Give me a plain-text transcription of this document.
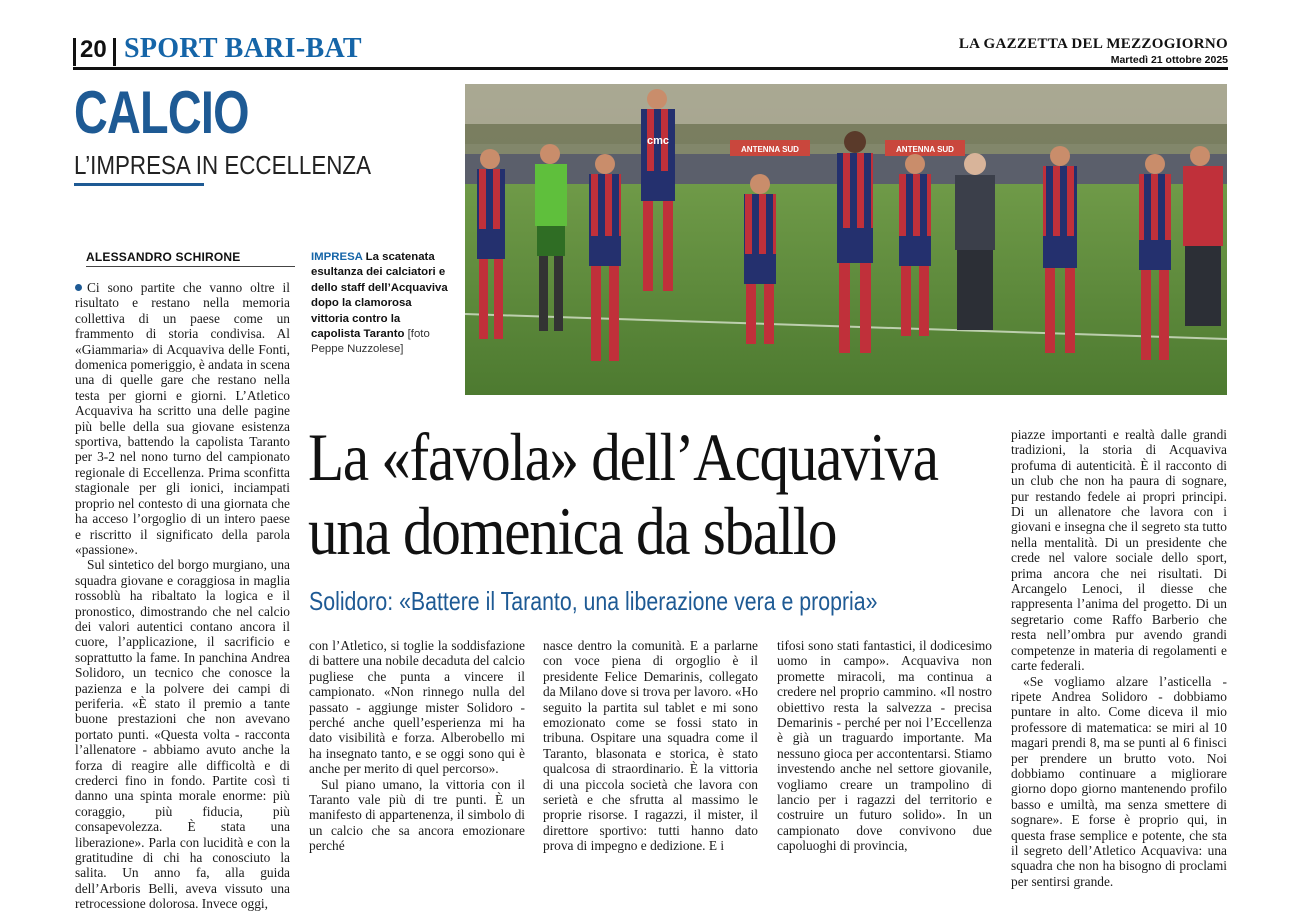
20 SPORT BARI-BAT	LA GAZZETTA DEL MEZZOGIORNO
Martedì 21 ottobre 2025
CALCIO
L’IMPRESA IN ECCELLENZA
ANTENNA SUD	ANTENNA SUD
cmc
IMPRESA La scatenata esultanza dei calciatori e dello staff dell’Acquaviva dopo la clamorosa vittoria contro la capolista Taranto [foto Peppe Nuzzolese]
ALESSANDRO SCHIRONE

Ci sono partite che vanno oltre il risultato e restano nella memoria collettiva di un paese come un frammento di storia condivisa. Al «Giammaria» di Acquaviva delle Fonti, domenica pomeriggio, è andata in scena una di quelle gare che restano nella testa per giorni e giorni. L’Atletico Acquaviva ha scritto una delle pagine più belle della sua giovane esistenza sportiva, battendo la capolista Taranto per 3-2 nel nono turno del campionato regionale di Eccellenza. Prima sconfitta stagionale per gli ionici, inciampati proprio nel contesto di una giornata che ha acceso l’orgoglio di un intero paese e riscritto il significato della parola «passione».

Sul sintetico del borgo murgiano, una squadra giovane e coraggiosa in maglia rossoblù ha ribaltato la logica e il pronostico, dimostrando che nel calcio dei valori autentici contano ancora il cuore, l’applicazione, il sacrificio e soprattutto la fame. In panchina Andrea Solidoro, un tecnico che conosce la pazienza e la polvere dei campi di periferia. «È stato il premio a tante buone prestazioni che non avevano portato punti. «Questa volta - racconta l’allenatore - abbiamo avuto anche la forza di reagire alle difficoltà e di crederci fino in fondo. Partite così ti danno una spinta morale enorme: più coraggio, più fiducia, più consapevolezza. È stata una liberazione». Parla con lucidità e con la gratitudine di chi ha conosciuto la salita. Un anno fa, alla guida dell’Arboris Belli, aveva vissuto una retrocessione dolorosa. Invece oggi,

La «favola» dell’Acquaviva
una domenica da sballo
Solidoro: «Battere il Taranto, una liberazione vera e propria»

con l’Atletico, si toglie la soddisfazione di battere una nobile decaduta del calcio pugliese che punta a vincere il campionato. «Non rinnego nulla del passato - aggiunge mister Solidoro - perché anche quell’esperienza mi ha dato visibilità e forza. Alberobello mi ha insegnato tanto, e se oggi sono qui è anche per merito di quel percorso».

Sul piano umano, la vittoria con il Taranto vale più di tre punti. È un manifesto di appartenenza, il simbolo di un calcio che sa ancora emozionare perché

nasce dentro la comunità. E a parlarne con voce piena di orgoglio è il presidente Felice Demarinis, collegato da Milano dove si trova per lavoro. «Ho seguito la partita sul tablet e mi sono emozionato come se fossi stato in tribuna. Ospitare una squadra come il Taranto, blasonata e storica, è stato qualcosa di straordinario. È la vittoria di una piccola società che lavora con serietà e che sfrutta al massimo le proprie risorse. I ragazzi, il mister, il direttore sportivo: tutti hanno dato prova di impegno e dedizione. E i

tifosi sono stati fantastici, il dodicesimo uomo in campo». Acquaviva non promette miracoli, ma continua a credere nel proprio cammino. «Il nostro obiettivo resta la salvezza - precisa Demarinis - perché per noi l’Eccellenza è già un traguardo importante. Ma nessuno gioca per accontentarsi. Stiamo investendo anche nel settore giovanile, vogliamo creare un trampolino di lancio per i ragazzi del territorio e costruire un futuro solido». In un campionato dove convivono due capoluoghi di provincia,

piazze importanti e realtà dalle grandi tradizioni, la storia di Acquaviva profuma di autenticità. È il racconto di un club che non ha paura di sognare, pur restando fedele ai propri principi. Di un allenatore che lavora con i giovani e insegna che il segreto sta tutto nella mentalità. Di un presidente che crede nel valore sociale dello sport, prima ancora che nei risultati. Di Arcangelo Lenoci, il diesse che rappresenta l’anima del progetto. Di un segretario come Raffo Barberio che resta nell’ombra pur avendo grandi competenze in materia di regolamenti e carte federali.

«Se vogliamo alzare l’asticella - ripete Andrea Solidoro - dobbiamo puntare in alto. Come diceva il mio professore di matematica: se miri al 10 magari prendi 8, ma se punti al 6 finisci per prendere un brutto voto. Noi dobbiamo continuare a migliorare giorno dopo giorno mantenendo profilo basso e umiltà, ma senza smettere di sognare». E forse è proprio qui, in questa frase semplice e potente, che sta il segreto dell’Atletico Acquaviva: una squadra che non ha bisogno di proclami per sentirsi grande.
